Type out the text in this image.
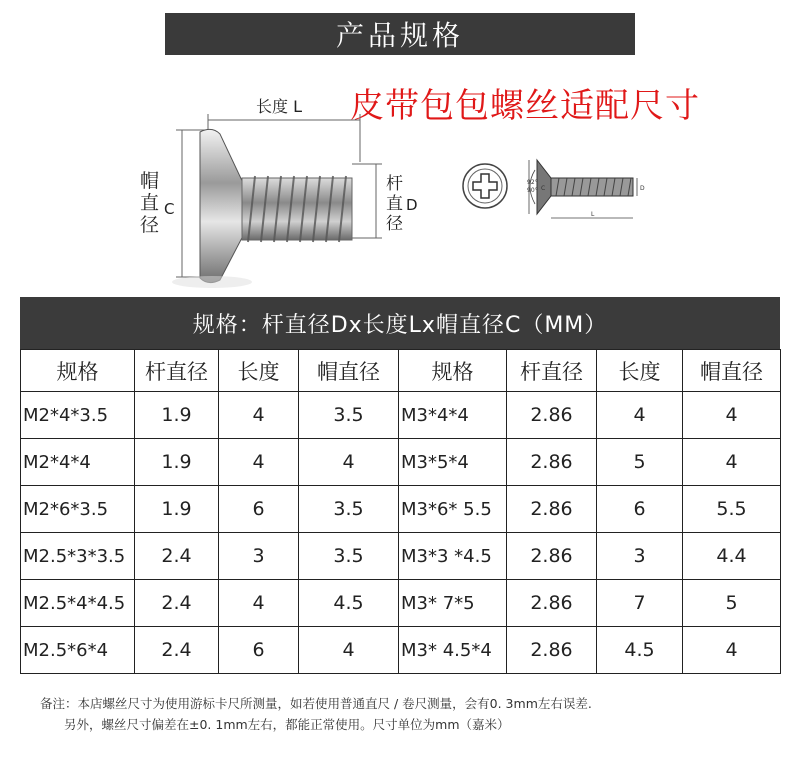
产品规格
皮带包包螺丝适配尺寸
长度 L
帽
直
径
C
杆
直
径
D
92°
90° C	D
L
规格：杆直径Dx长度Lx帽直径C（MM）
规格	杆直径	长度	帽直径	规格	杆直径	长度	帽直径
M2*4*3.5	1.9	4	3.5	M3*4*4	2.86	4	4
M2*4*4	1.9	4	4	M3*5*4	2.86	5	4
M2*6*3.5	1.9	6	3.5	M3*6* 5.5	2.86	6	5.5
M2.5*3*3.5	2.4	3	3.5	M3*3 *4.5	2.86	3	4.4
M2.5*4*4.5	2.4	4	4.5	M3* 7*5	2.86	7	5
M2.5*6*4	2.4	6	4	M3* 4.5*4	2.86	4.5	4
备注：本店螺丝尺寸为使用游标卡尺所测量，如若使用普通直尺 / 卷尺测量，会有0. 3mm左右误差.
另外，螺丝尺寸偏差在±0. 1mm左右，都能正常使用。尺寸单位为mm（嘉米）
